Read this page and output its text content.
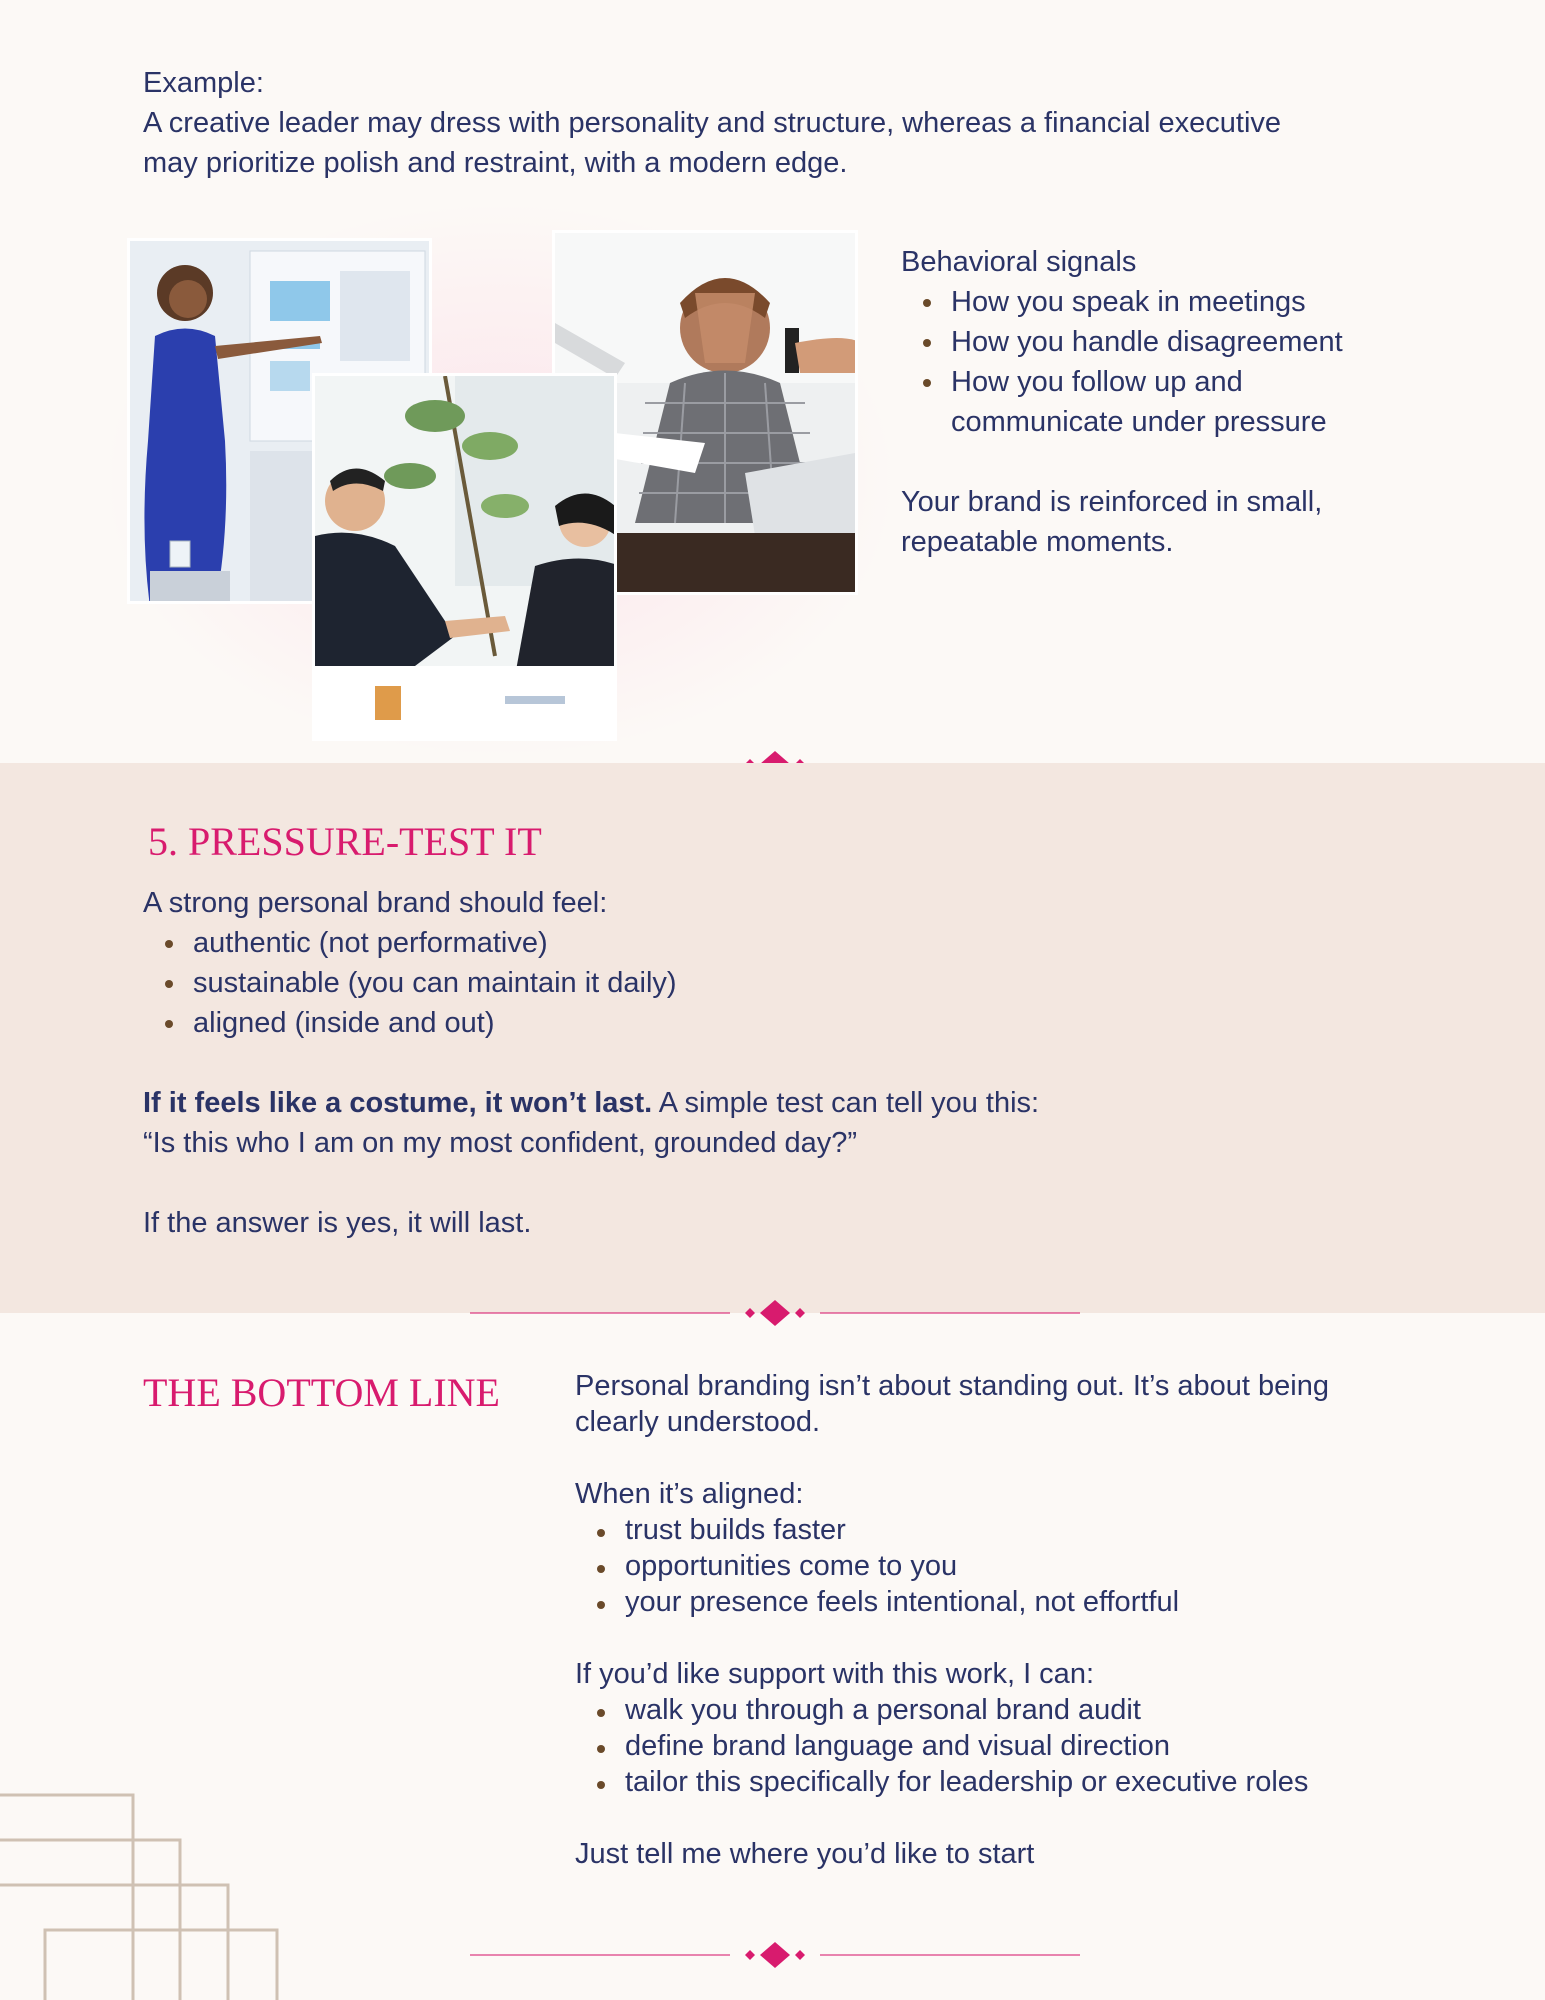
Example:
A creative leader may dress with personality and structure, whereas a financial executive
may prioritize polish and restraint, with a modern edge.
Behavioral signals
How you speak in meetings
How you handle disagreement
How you follow up and
communicate under pressure
Your brand is reinforced in small,
repeatable moments.
5. PRESSURE-TEST IT
A strong personal brand should feel:
authentic (not performative)
sustainable (you can maintain it daily)
aligned (inside and out)
If it feels like a costume, it won’t last. A simple test can tell you this:
“Is this who I am on my most confident, grounded day?”
If the answer is yes, it will last.
THE BOTTOM LINE	Personal branding isn’t about standing out. It’s about being
clearly understood.
When it’s aligned:
trust builds faster
opportunities come to you
your presence feels intentional, not effortful
If you’d like support with this work, I can:
walk you through a personal brand audit
define brand language and visual direction
tailor this specifically for leadership or executive roles
Just tell me where you’d like to start
